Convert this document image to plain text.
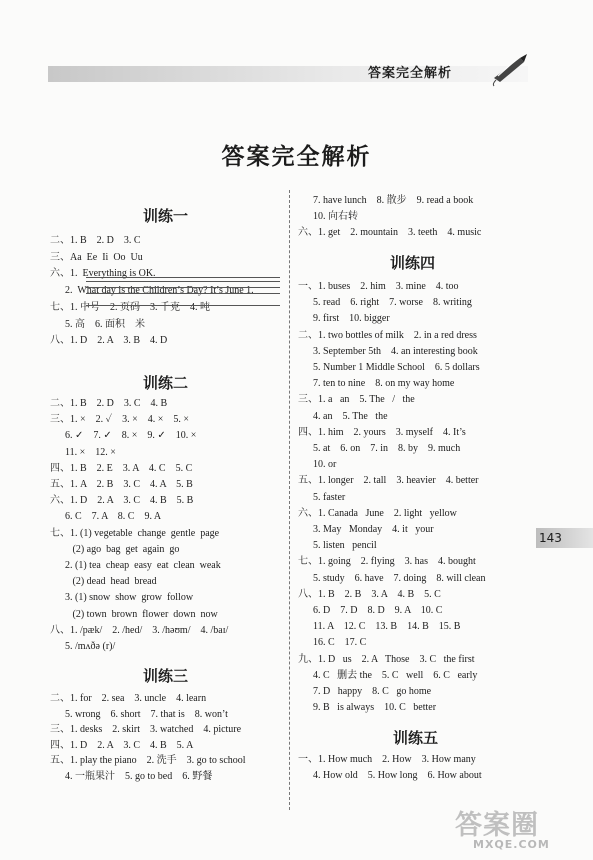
答案完全解析
答案完全解析
训练一
二、1. B    2. D    3. C
三、Aa  Ee  Ii  Oo  Uu
六、1.  Everything is OK.
2.  What day is the Children’s Day? It’s June 1.
七、1. 中号    2. 页码    3. 千克    4. 吨
5. 高    6. 面积    米
八、1. D    2. A    3. B    4. D
训练二
二、1. B    2. D    3. C    4. B
三、1. ×    2. ✓    3. ×    4. ×    5. ×
6. ✓    7. ✓    8. ×    9. ✓    10. ×
11. ×    12. ×
四、1. B    2. E    3. A    4. C    5. C
五、1. A    2. B    3. C    4. A    5. B
六、1. D    2. A    3. C    4. B    5. B
6. C    7. A    8. C    9. A
七、1. (1) vegetable  change  gentle  page
(2) ago  bag  get  again  go
2. (1) tea  cheap  easy  eat  clean  weak
(2) dead  head  bread
3. (1) snow  show  grow  follow
(2) town  brown  flower  down  now
八、1. /pæk/    2. /hed/    3. /həʊm/    4. /baɪ/
5. /mʌðə (r)/
训练三
二、1. for    2. sea    3. uncle    4. learn
5. wrong    6. short    7. that is    8. won’t
三、1. desks    2. skirt    3. watched    4. picture
四、1. D    2. A    3. C    4. B    5. A
五、1. play the piano    2. 洗手    3. go to school
4. 一瓶果汁    5. go to bed    6. 野餐
7. have lunch    8. 散步    9. read a book
10. 向右转
六、1. get    2. mountain    3. teeth    4. music
训练四
一、1. buses    2. him    3. mine    4. too
5. read    6. right    7. worse    8. writing
9. first    10. bigger
二、1. two bottles of milk    2. in a red dress
3. September 5th    4. an interesting book
5. Number 1 Middle School    6. 5 dollars
7. ten to nine    8. on my way home
三、1. a   an    5. The   /   the
4. an    5. The   the
四、1. him    2. yours    3. myself    4. It’s
5. at    6. on    7. in    8. by    9. much
10. or
五、1. longer    2. tall    3. heavier    4. better
5. faster
六、1. Canada   June    2. light   yellow
3. May   Monday    4. it   your
5. listen   pencil
七、1. going    2. flying    3. has    4. bought
5. study    6. have    7. doing    8. will clean
八、1. B    2. B    3. A    4. B    5. C
6. D    7. D    8. D    9. A    10. C
11. A    12. C    13. B    14. B    15. B
16. C    17. C
九、1. D   us    2. A   Those    3. C   the first
4. C   删去 the    5. C   well    6. C   early
7. D   happy    8. C   go home
9. B   is always    10. C   better
训练五
一、1. How much    2. How    3. How many
4. How old    5. How long    6. How about
143
答案圈
MXQE.COM
